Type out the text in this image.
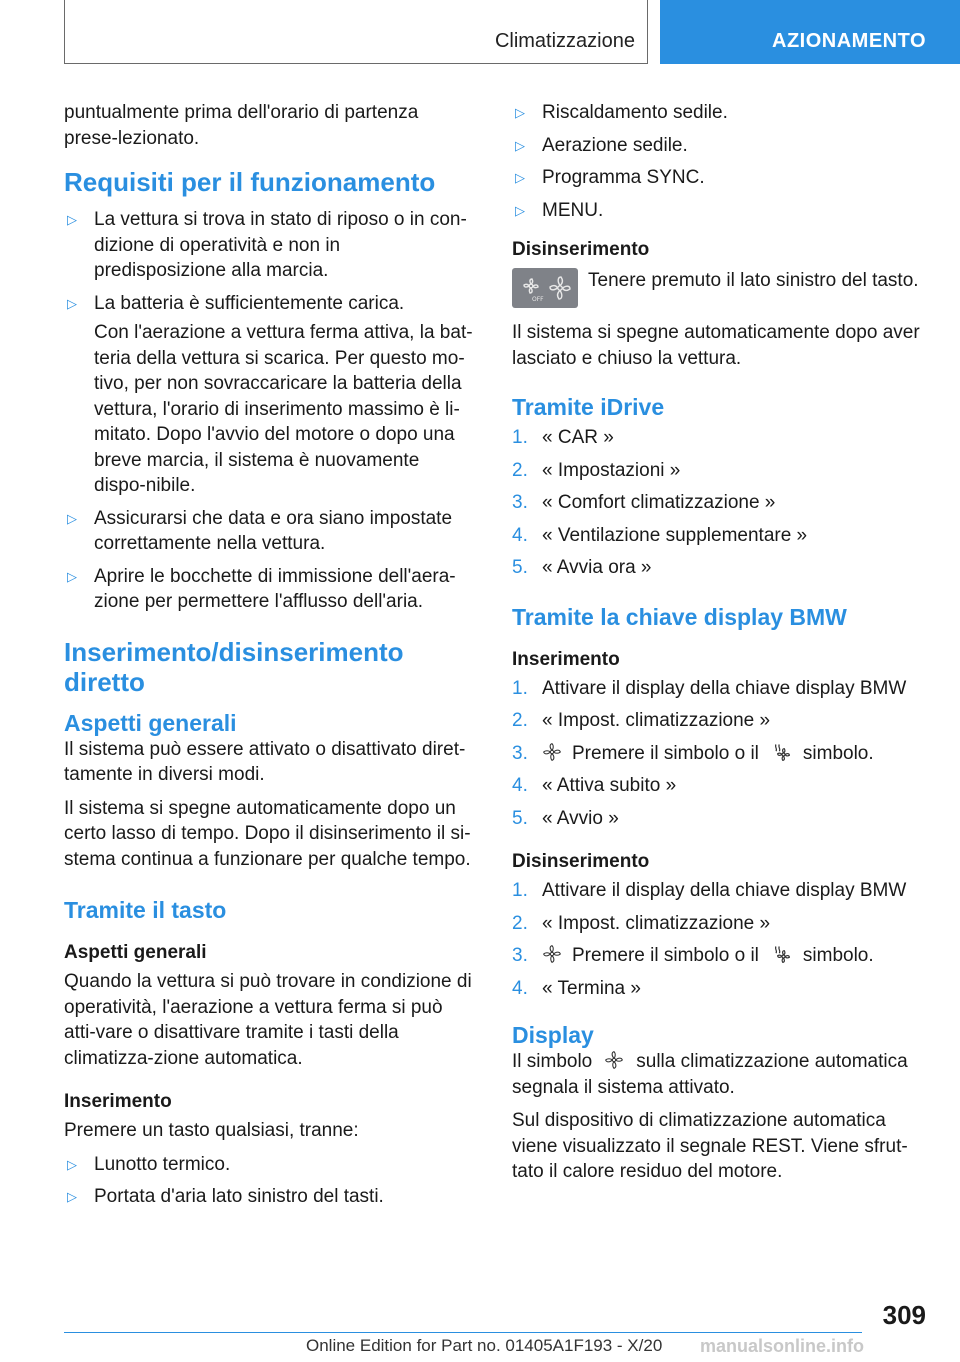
Climatizzazione	AZIONAMENTO

puntualmente prima dell'orario di partenza prese-lezionato.

Requisiti per il funzionamento
▷ La vettura si trova in stato di riposo o in con-dizione di operatività e non in predisposizione alla marcia.
▷ La batteria è sufficientemente carica.

Con l'aerazione a vettura ferma attiva, la bat-teria della vettura si scarica. Per questo mo-tivo, per non sovraccaricare la batteria della vettura, l'orario di inserimento massimo è li-mitato. Dopo l'avvio del motore o dopo una breve marcia, il sistema è nuovamente dispo-nibile.

▷ Assicurarsi che data e ora siano impostate correttamente nella vettura.
▷ Aprire le bocchette di immissione dell'aera-zione per permettere l'afflusso dell'aria.
Inserimento/disinserimento diretto
Aspetti generali

Il sistema può essere attivato o disattivato diret-tamente in diversi modi.

Il sistema si spegne automaticamente dopo un certo lasso di tempo. Dopo il disinserimento il si-stema continua a funzionare per qualche tempo.

Tramite il tasto
Aspetti generali

Quando la vettura si può trovare in condizione di operatività, l'aerazione a vettura ferma si può atti-vare o disattivare tramite i tasti della climatizza-zione automatica.

Inserimento

Premere un tasto qualsiasi, tranne:

▷ Lunotto termico.
▷ Portata d'aria lato sinistro del tasti.
▷ Riscaldamento sedile.
▷ Aerazione sedile.
▷ Programma SYNC.
▷ MENU.
Disinserimento
OFF
Tenere premuto il lato sinistro del tasto.

Il sistema si spegne automaticamente dopo aver lasciato e chiuso la vettura.

Tramite iDrive
1. « CAR »
2. « Impostazioni »
3. « Comfort climatizzazione »
4. « Ventilazione supplementare »
5. « Avvia ora »
Tramite la chiave display BMW
Inserimento
1. Attivare il display della chiave display BMW
2. « Impost. climatizzazione »
3. Premere il simbolo o il simbolo.
4. « Attiva subito »
5. « Avvio »
Disinserimento
1. Attivare il display della chiave display BMW
2. « Impost. climatizzazione »
3. Premere il simbolo o il simbolo.
4. « Termina »
Display

Il simbolo sulla climatizzazione automatica segnala il sistema attivato.

Sul dispositivo di climatizzazione automatica viene visualizzato il segnale REST. Viene sfrut-tato il calore residuo del motore.

309
Online Edition for Part no. 01405A1F193 - X/20 manualsonline.info
